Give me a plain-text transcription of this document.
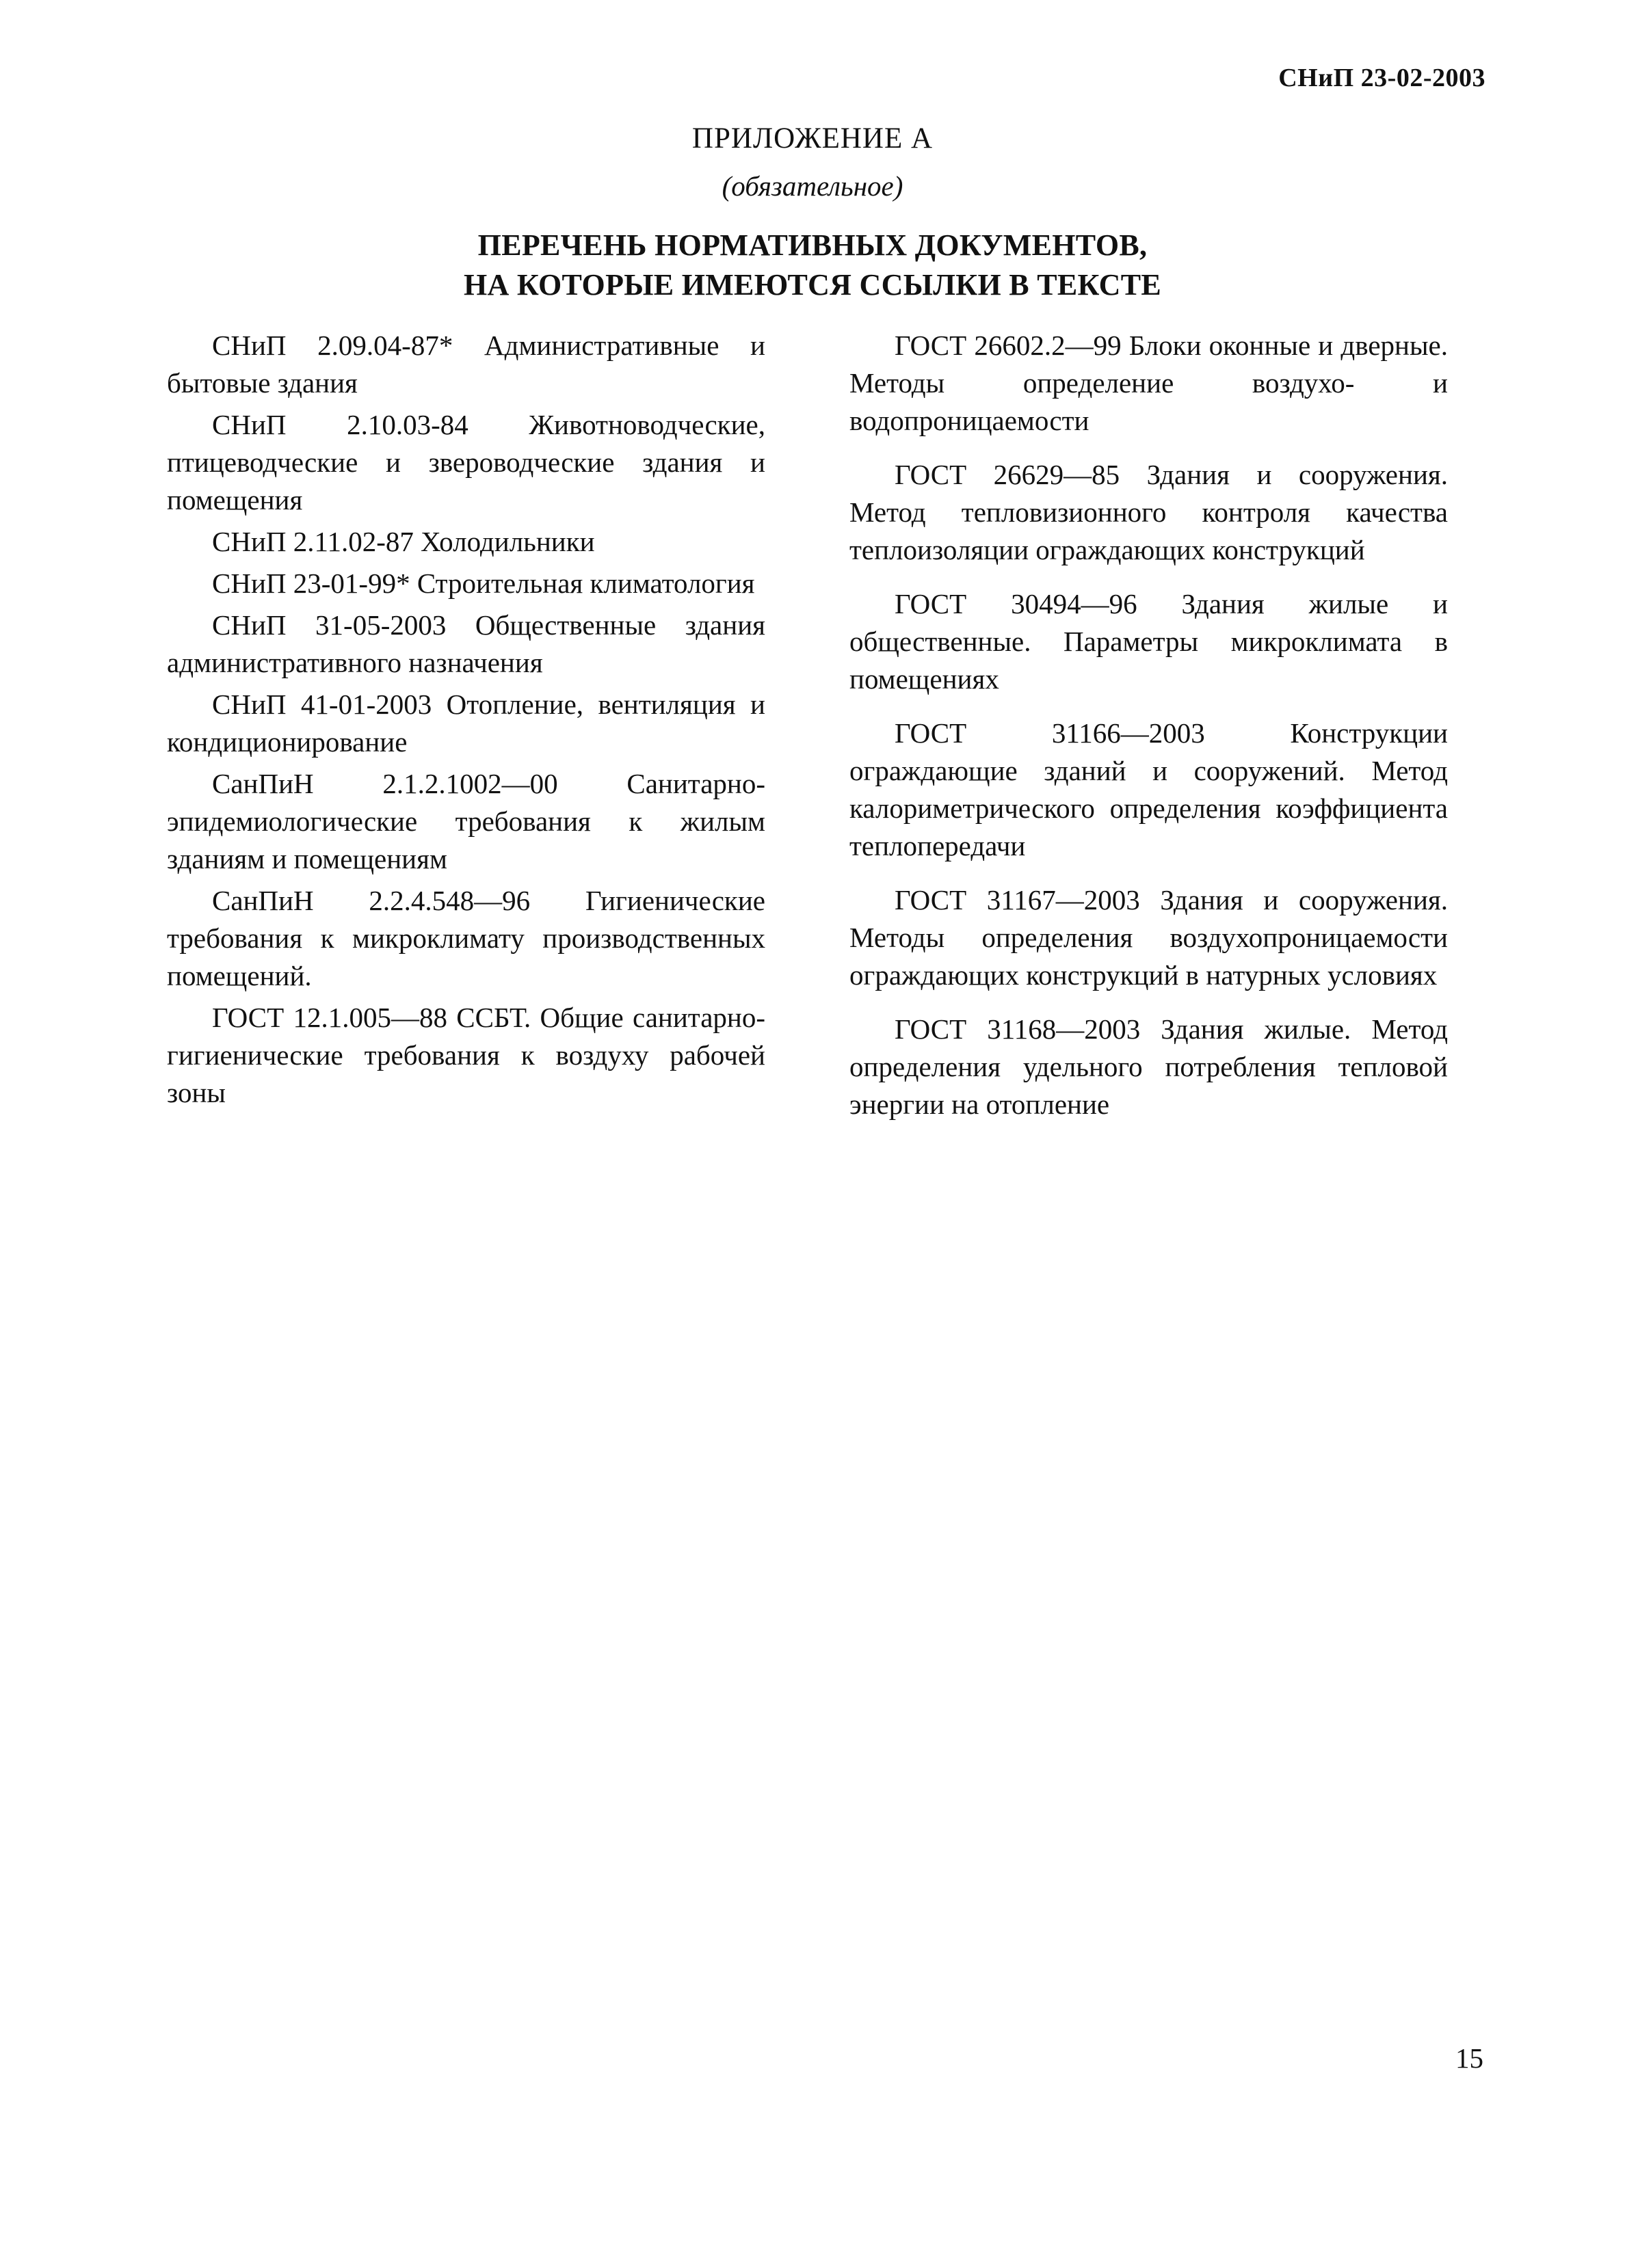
СНиП 23-02-2003
ПРИЛОЖЕНИЕ А
(обязательное)
ПЕРЕЧЕНЬ НОРМАТИВНЫХ ДОКУМЕНТОВ,
НА КОТОРЫЕ ИМЕЮТСЯ ССЫЛКИ В ТЕКСТЕ

СНиП 2.09.04-87* Административные и бытовые здания

СНиП 2.10.03-84 Животноводческие, птицеводческие и звероводческие здания и помещения

СНиП 2.11.02-87 Холодильники

СНиП 23-01-99* Строительная климатология

СНиП 31-05-2003 Общественные здания административного назначения

СНиП 41-01-2003 Отопление, вентиляция и кондиционирование

СанПиН 2.1.2.1002—00 Санитарно-эпидемиологические требования к жилым зданиям и помещениям

СанПиН 2.2.4.548—96 Гигиенические требования к микроклимату производственных помещений.

ГОСТ 12.1.005—88 ССБТ. Общие санитарно-гигиенические требования к воздуху рабочей зоны

ГОСТ 26602.2—99 Блоки оконные и дверные. Методы определение воздухо- и водопроницаемости

ГОСТ 26629—85 Здания и сооружения. Метод тепловизионного контроля качества теплоизоляции ограждающих конструкций

ГОСТ 30494—96 Здания жилые и общественные. Параметры микроклимата в помещениях

ГОСТ 31166—2003 Конструкции ограждающие зданий и сооружений. Метод калориметрического определения коэффициента теплопередачи

ГОСТ 31167—2003 Здания и сооружения. Методы определения воздухопроницаемости ограждающих конструкций в натурных условиях

ГОСТ 31168—2003 Здания жилые. Метод определения удельного потребления тепловой энергии на отопление

15
